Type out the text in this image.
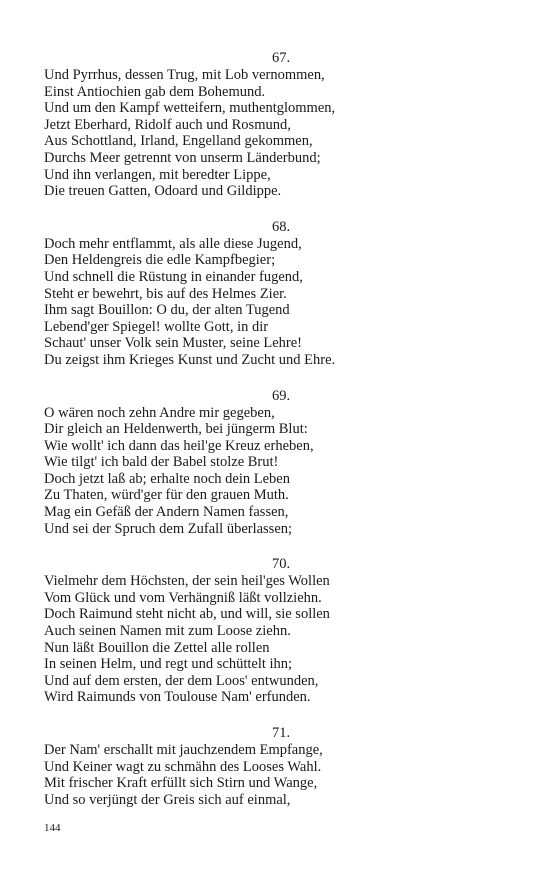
67.
Und Pyrrhus, dessen Trug, mit Lob vernommen,
Einst Antiochien gab dem Bohemund.
Und um den Kampf wetteifern, muthentglommen,
Jetzt Eberhard, Ridolf auch und Rosmund,
Aus Schottland, Irland, Engelland gekommen,
Durchs Meer getrennt von unserm Länderbund;
Und ihn verlangen, mit beredter Lippe,
Die treuen Gatten, Odoard und Gildippe.
68.
Doch mehr entflammt, als alle diese Jugend,
Den Heldengreis die edle Kampfbegier;
Und schnell die Rüstung in einander fugend,
Steht er bewehrt, bis auf des Helmes Zier.
Ihm sagt Bouillon: O du, der alten Tugend
Lebend'ger Spiegel! wollte Gott, in dir
Schaut' unser Volk sein Muster, seine Lehre!
Du zeigst ihm Krieges Kunst und Zucht und Ehre.
69.
O wären noch zehn Andre mir gegeben,
Dir gleich an Heldenwerth, bei jüngerm Blut:
Wie wollt' ich dann das heil'ge Kreuz erheben,
Wie tilgt' ich bald der Babel stolze Brut!
Doch jetzt laß ab; erhalte noch dein Leben
Zu Thaten, würd'ger für den grauen Muth.
Mag ein Gefäß der Andern Namen fassen,
Und sei der Spruch dem Zufall überlassen;
70.
Vielmehr dem Höchsten, der sein heil'ges Wollen
Vom Glück und vom Verhängniß läßt vollziehn.
Doch Raimund steht nicht ab, und will, sie sollen
Auch seinen Namen mit zum Loose ziehn.
Nun läßt Bouillon die Zettel alle rollen
In seinen Helm, und regt und schüttelt ihn;
Und auf dem ersten, der dem Loos' entwunden,
Wird Raimunds von Toulouse Nam' erfunden.
71.
Der Nam' erschallt mit jauchzendem Empfange,
Und Keiner wagt zu schmähn des Looses Wahl.
Mit frischer Kraft erfüllt sich Stirn und Wange,
Und so verjüngt der Greis sich auf einmal,
144
